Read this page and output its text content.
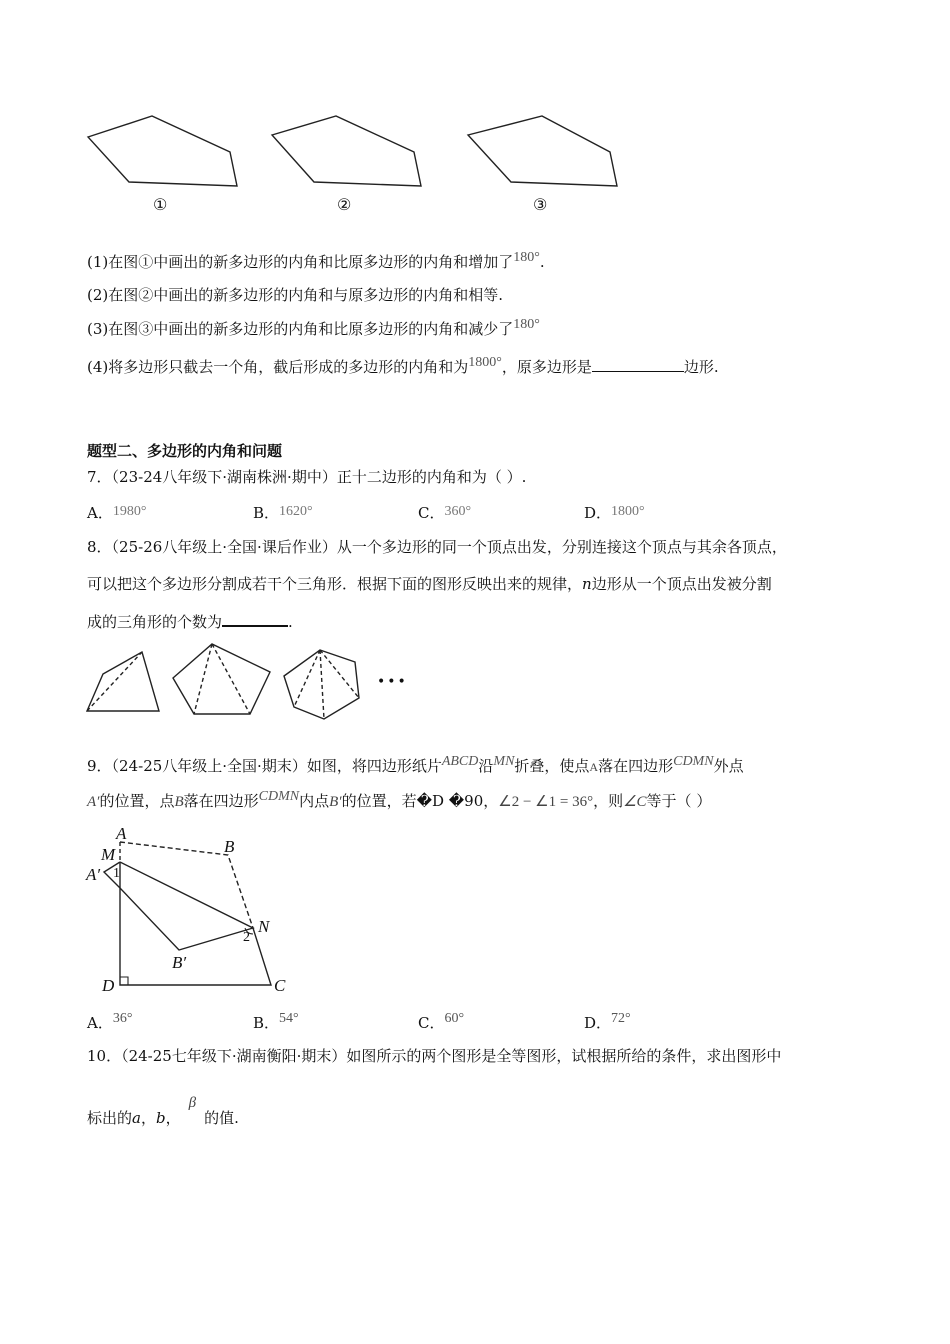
①	②	③
(1)在图①中画出的新多边形的内角和比原多边形的内角和增加了180°.
(2)在图②中画出的新多边形的内角和与原多边形的内角和相等.
(3)在图③中画出的新多边形的内角和比原多边形的内角和减少了180°
(4)将多边形只截去一个角，截后形成的多边形的内角和为1800°，原多边形是	边形.
题型二、多边形的内角和问题
7．（23-24八年级下·湖南株洲·期中）正十二边形的内角和为（ ）.
A．1980°	B．1620°	C．360°	D．1800°
8．（25-26八年级上·全国·课后作业）从一个多边形的同一个顶点出发，分别连接这个顶点与其余各顶点，
可以把这个多边形分割成若干个三角形．根据下面的图形反映出来的规律，n边形从一个顶点出发被分割
成的三角形的个数为	.
•••
9．（24-25八年级上·全国·期末）如图，将四边形纸片ABCD沿MN折叠，使点A落在四边形CDMN外点
A′的位置，点B落在四边形CDMN内点B′的位置，若�D �90，∠2 − ∠1 = 36°，则∠C等于（ ）
A
B
M
A′ 1
N
2
B′
D	C
A．36°	B．54°	C．60°	D．72°
10．（24-25七年级下·湖南衡阳·期末）如图所示的两个图形是全等图形，试根据所给的条件，求出图形中
标出的a，b，β的值.
